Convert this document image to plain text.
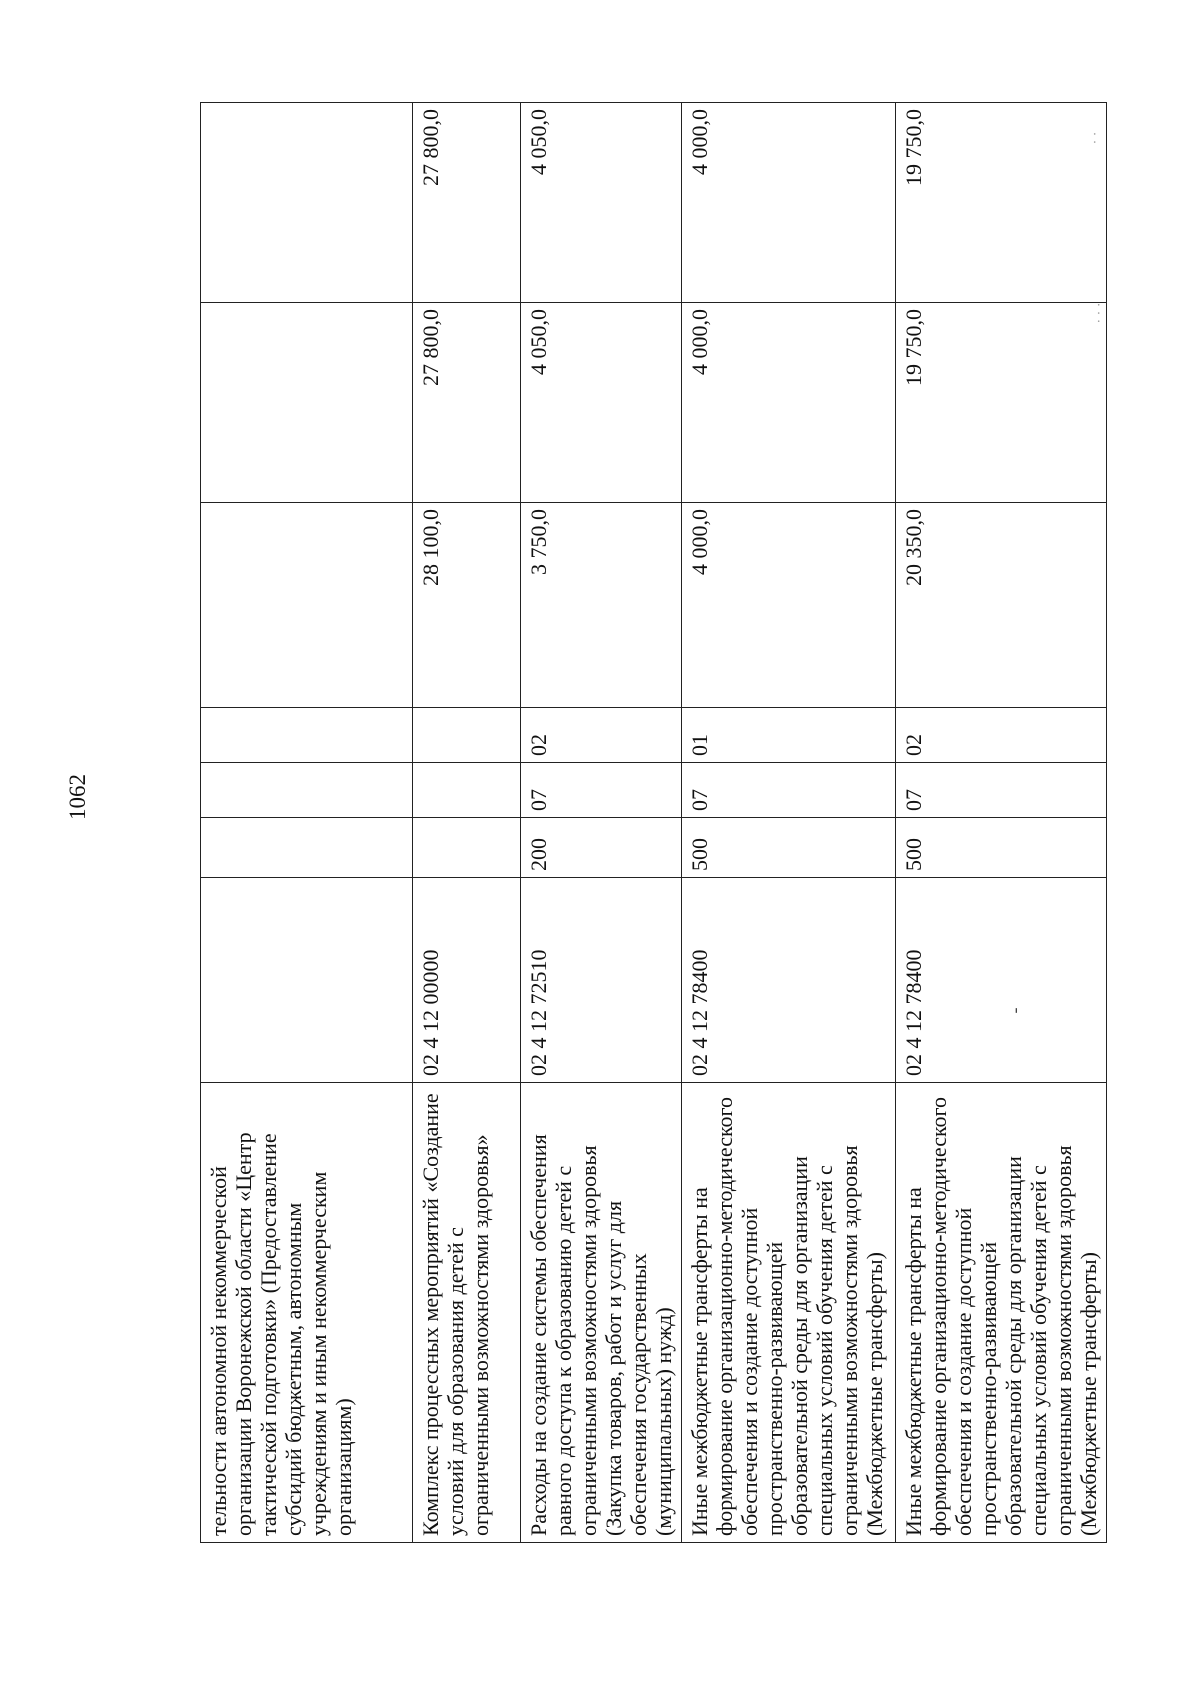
1062
тельности автономной некоммерческой организации Воронежской области «Центр тактической подготовки» (Предоставление субсидий бюджетным, автономным учреждениям и иным некоммерческим организациям)							
Комплекс процессных мероприятий «Создание условий для образования детей с ограниченными возможностями здоровья»	02 4 12 00000				28 100,0	27 800,0	27 800,0
Расходы на создание системы обеспечения равного доступа к образованию детей с ограниченными возможностями здоровья (Закупка товаров, работ и услуг для обеспечения государственных (муниципальных) нужд)	02 4 12 72510	200	07	02	3 750,0	4 050,0	4 050,0
Иные межбюджетные трансферты на формирование организационно-методического обеспечения и создание доступной пространственно-развивающей образовательной среды для организации специальных условий обучения детей с ограниченными возможностями здоровья (Межбюджетные трансферты)	02 4 12 78400	500	07	01	4 000,0	4 000,0	4 000,0
Иные межбюджетные трансферты на формирование организационно-методического обеспечения и создание доступной пространственно-развивающей образовательной среды для организации специальных условий обучения детей с ограниченными возможностями здоровья (Межбюджетные трансферты)	02 4 12 78400	500	07	02	20 350,0	19 750,0	19 750,0
-
· · ·
· ·
